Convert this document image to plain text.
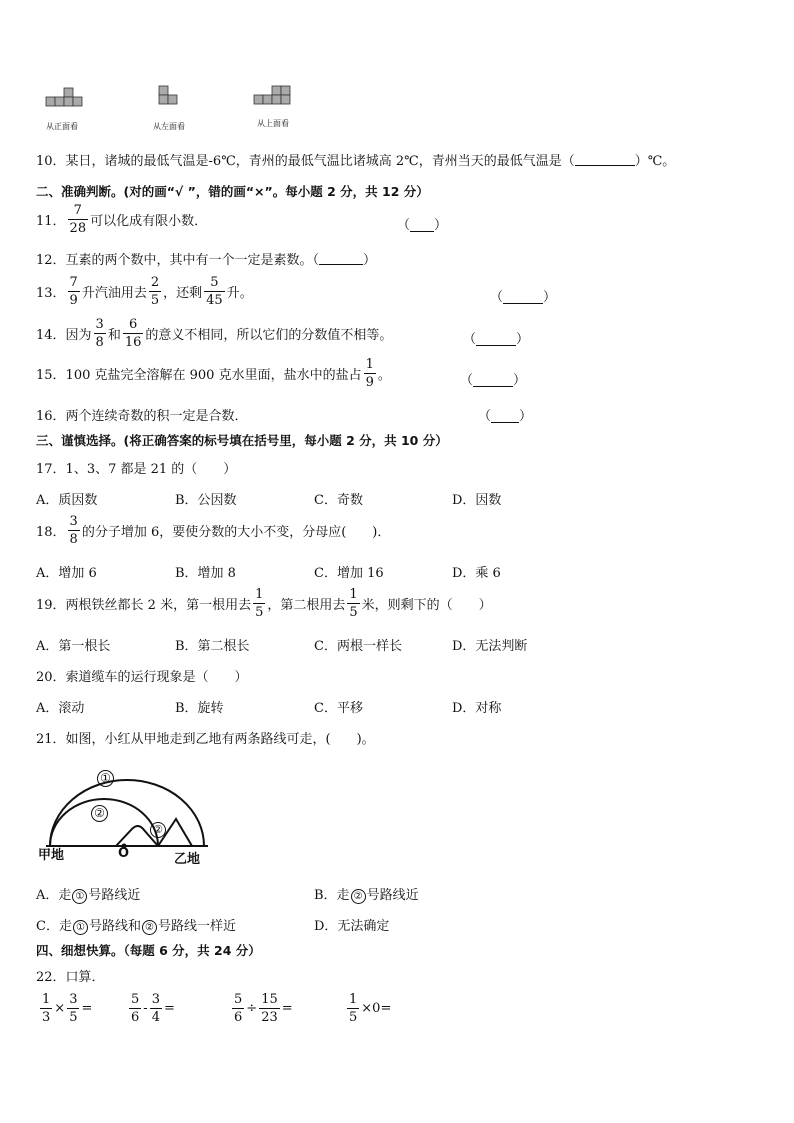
从正面看	从左面看	从上面看
10．某日，诸城的最低气温是-6℃，青州的最低气温比诸城高 2℃，青州当天的最低气温是（	）℃。
二、准确判断。(对的画“√ ”，错的画“×”。每小题 2 分，共 12 分）
11． $\frac{7}{28}$ 可以化成有限小数．	（ ）
12．互素的两个数中，其中有一个一定是素数。（	）
13． $\frac{7}{9}$ 升汽油用去 $\frac{2}{5}$ ，还剩 $\frac{5}{45}$ 升。	（	）
14．因为 $\frac{3}{8}$ 和 $\frac{6}{16}$ 的意义不相同，所以它们的分数值不相等。	（	）
15．100 克盐完全溶解在 900 克水里面，盐水中的盐占 $\frac{1}{9}$ 。	（	）
16．两个连续奇数的积一定是合数．	（ ）
三、谨慎选择。(将正确答案的标号填在括号里，每小题 2 分，共 10 分）
17．1、3、7 都是 21 的（　　）
A．质因数	B．公因数	C．奇数	D．因数
18． $\frac{3}{8}$ 的分子增加 6，要使分数的大小不变，分母应(　　)．
A．增加 6	B．增加 8	C．增加 16	D．乘 6
19．两根铁丝都长 2 米，第一根用去 $\frac{1}{5}$ ，第二根用去 $\frac{1}{5}$ 米，则剩下的（　　）
A．第一根长	B．第二根长	C．两根一样长	D．无法判断
20．索道缆车的运行现象是（　　）
A．滚动	B．旋转	C．平移	D．对称
21．如图，小红从甲地走到乙地有两条路线可走，(　　)。
①
②
②
甲地	O	乙地
A．走 ① 号路线近	B．走 ② 号路线近
C．走 ① 号路线和 ② 号路线一样近	D．无法确定
四、细想快算。（每题 6 分，共 24 分）
22．口算．
$\frac{1}{3} \times \frac{3}{5}$ =	$\frac{5}{6} - \frac{3}{4}$ =	$\frac{5}{6} \div \frac{15}{23}$ =	$\frac{1}{5} \times 0=$
